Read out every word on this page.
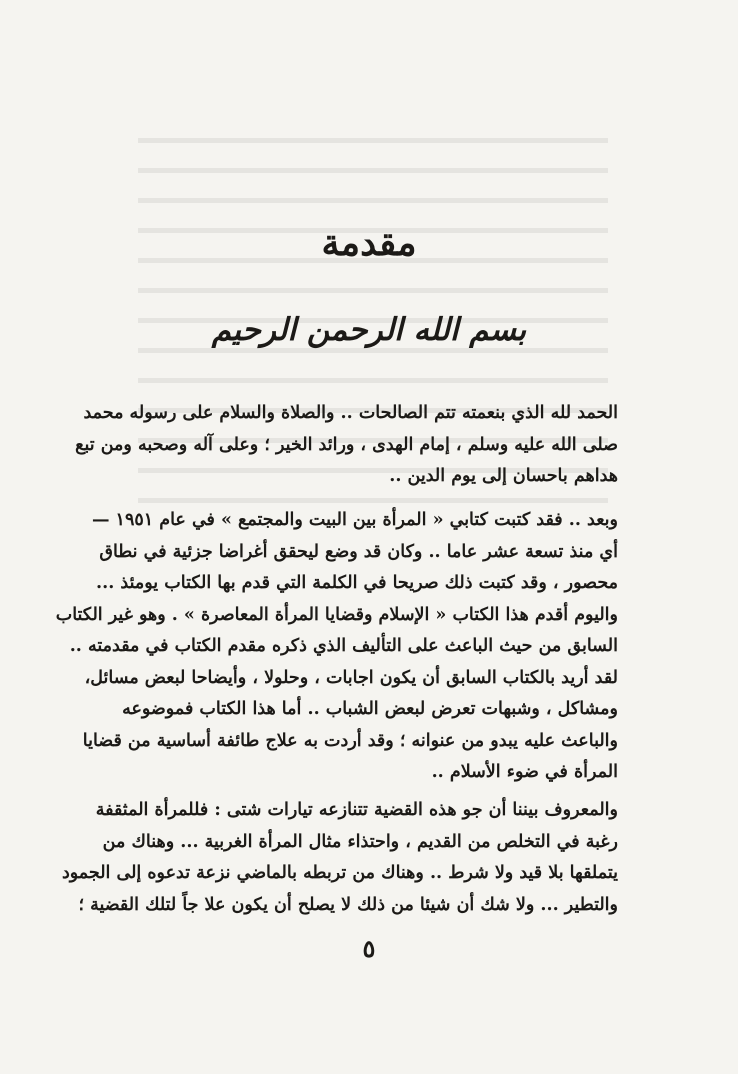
مقدمة
بسم الله الرحمن الرحيم
الحمد لله الذي بنعمته تتم الصالحات .. والصلاة والسلام على رسوله محمد
صلى الله عليه وسلم ، إمام الهدى ، ورائد الخير ؛ وعلى آله وصحبه ومن تبع
هداهم باحسان إلى يوم الدين ..
وبعد .. فقد كتبت كتابي « المرأة بين البيت والمجتمع » في عام ١٩٥١ —
أي منذ تسعة عشر عاما .. وكان قد وضع ليحقق أغراضا جزئية في نطاق
محصور ، وقد كتبت ذلك صريحا في الكلمة التي قدم بها الكتاب يومئذ ...
واليوم أقدم هذا الكتاب « الإسلام وقضايا المرأة المعاصرة » . وهو غير الكتاب
السابق من حيث الباعث على التأليف الذي ذكره مقدم الكتاب في مقدمته ..
لقد أريد بالكتاب السابق أن يكون اجابات ، وحلولا ، وأيضاحا لبعض مسائل،
ومشاكل ، وشبهات تعرض لبعض الشباب .. أما هذا الكتاب فموضوعه
والباعث عليه يبدو من عنوانه ؛ وقد أردت به علاج طائفة أساسية من قضايا
المرأة في ضوء الأسلام ..
والمعروف بيننا أن جو هذه القضية تتنازعه تيارات شتى : فللمرأة المثقفة
رغبة في التخلص من القديم ، واحتذاء مثال المرأة الغربية ... وهناك من
يتملقها بلا قيد ولا شرط .. وهناك من تربطه بالماضي نزعة تدعوه إلى الجمود
والتطير ... ولا شك أن شيئا من ذلك لا يصلح أن يكون علا جاً لتلك القضية ؛
٥
